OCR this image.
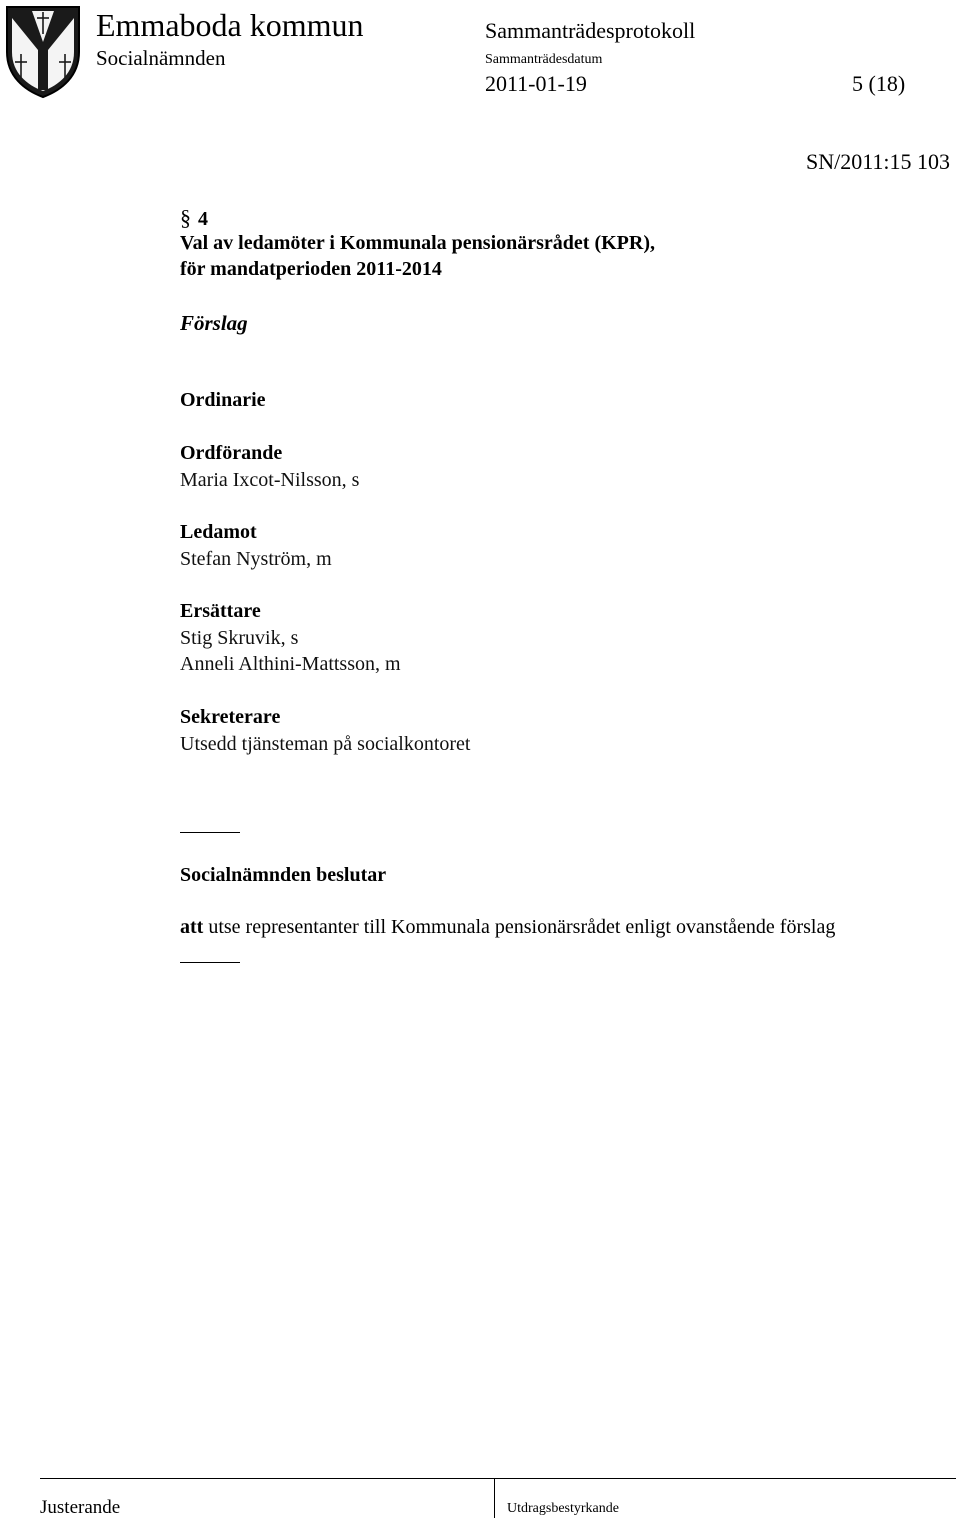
Emmaboda kommun
Socialnämnden
Sammanträdesprotokoll
Sammanträdesdatum
2011-01-19	5 (18)
SN/2011:15 103
§ 4
Val av ledamöter i Kommunala pensionärsrådet (KPR),
för mandatperioden 2011-2014
Förslag
Ordinarie
Ordförande
Maria Ixcot-Nilsson, s
Ledamot
Stefan Nyström, m
Ersättare
Stig Skruvik, s
Anneli Althini-Mattsson, m
Sekreterare
Utsedd tjänsteman på socialkontoret
Socialnämnden beslutar
att utse representanter till Kommunala pensionärsrådet enligt ovanstående förslag
Justerande	Utdragsbestyrkande
